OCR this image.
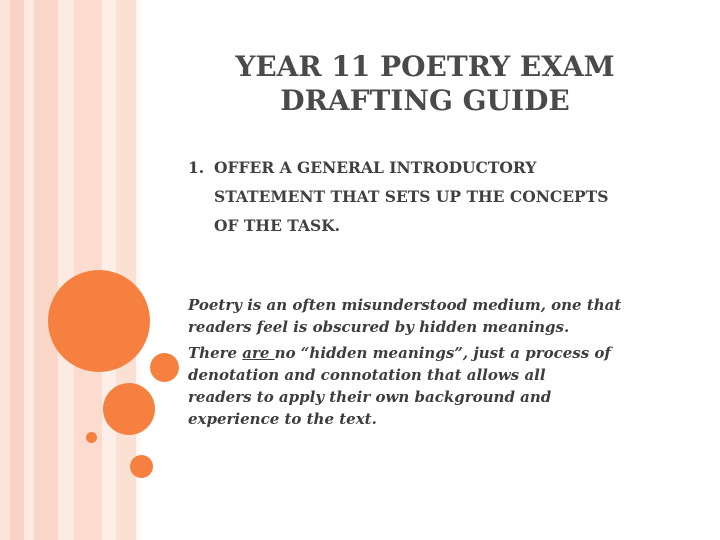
YEAR 11 POETRY EXAM
DRAFTING GUIDE
1. OFFER A GENERAL INTRODUCTORY
STATEMENT THAT SETS UP THE CONCEPTS
OF THE TASK.

Poetry is an often misunderstood medium, one that
readers feel is obscured by hidden meanings.

There are no “hidden meanings”, just a process of
denotation and connotation that allows all
readers to apply their own background and
experience to the text.
